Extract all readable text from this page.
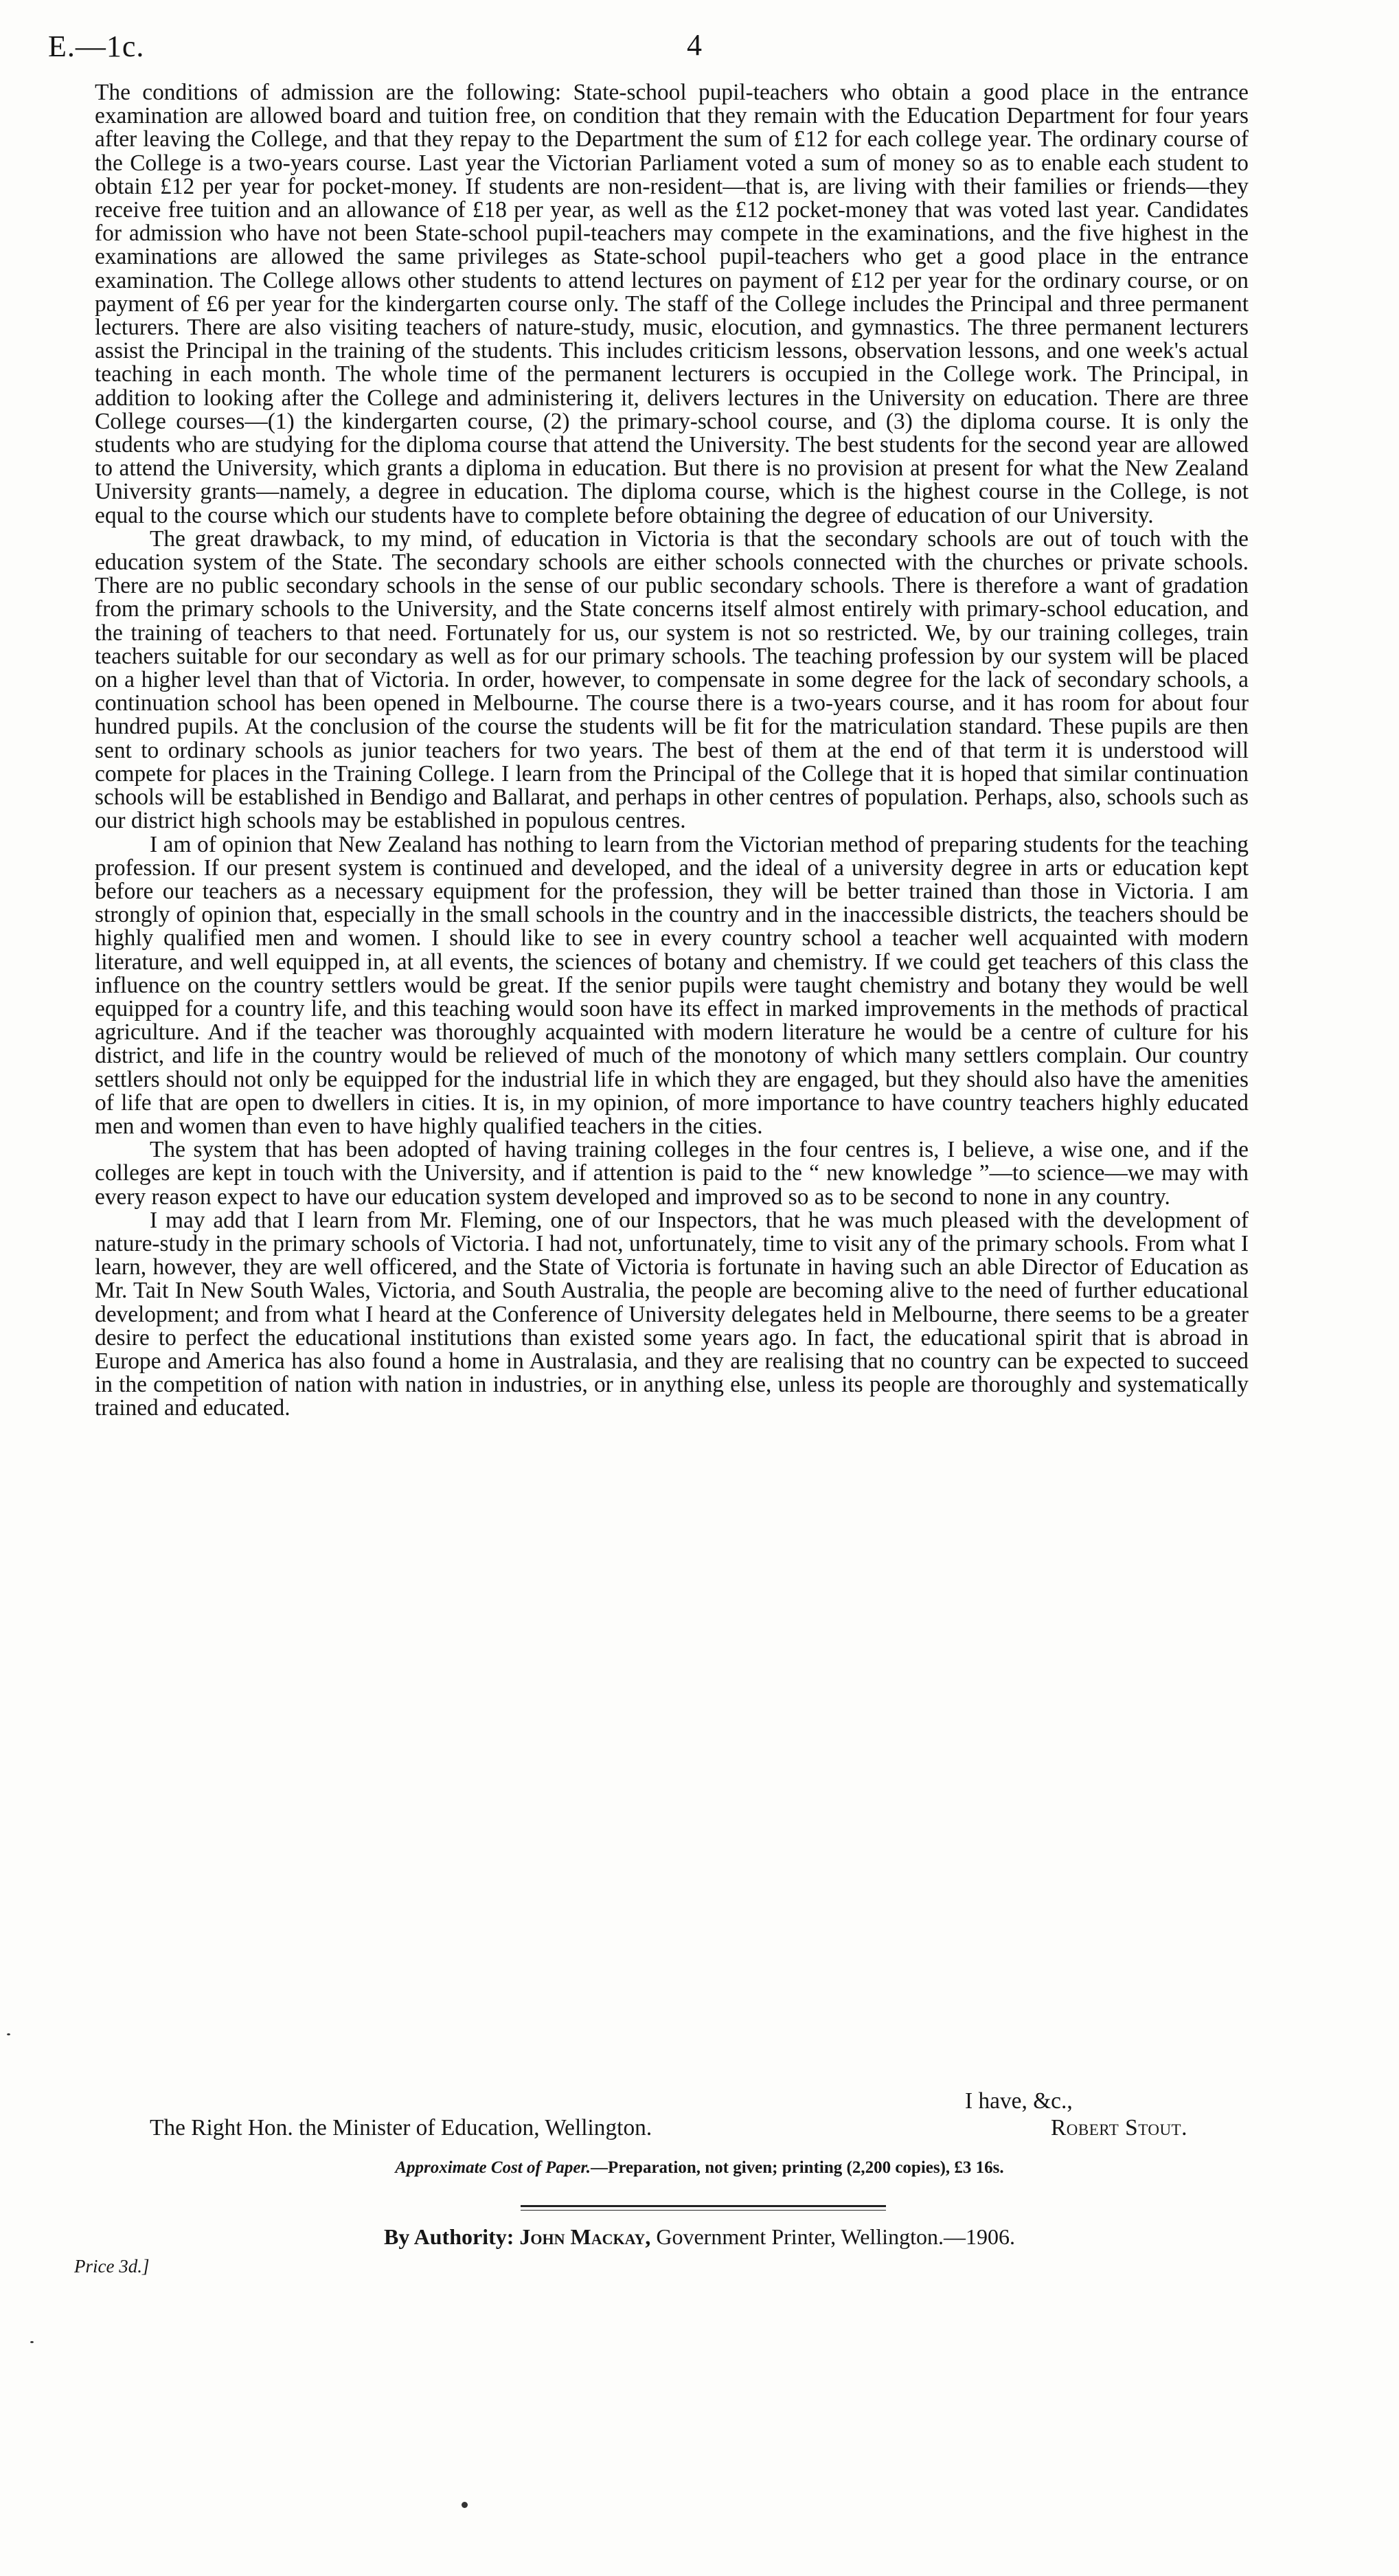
E.—1c.	4

The conditions of admission are the following: State-school pupil-teachers who obtain a good place in the entrance examination are allowed board and tuition free, on condition that they remain with the Education Department for four years after leaving the College, and that they repay to the Department the sum of £12 for each college year. The ordinary course of the College is a two-years course. Last year the Victorian Parliament voted a sum of money so as to enable each student to obtain £12 per year for pocket-money. If students are non-resident—that is, are living with their families or friends—they receive free tuition and an allowance of £18 per year, as well as the £12 pocket-money that was voted last year. Candidates for admission who have not been State-school pupil-teachers may compete in the examinations, and the five highest in the examinations are allowed the same privileges as State-school pupil-teachers who get a good place in the entrance examination. The College allows other students to attend lectures on payment of £12 per year for the ordinary course, or on payment of £6 per year for the kindergarten course only. The staff of the College includes the Principal and three permanent lecturers. There are also visiting teachers of nature-study, music, elocution, and gymnastics. The three permanent lecturers assist the Principal in the training of the students. This includes criticism lessons, observation lessons, and one week's actual teaching in each month. The whole time of the permanent lecturers is occupied in the College work. The Principal, in addition to looking after the College and administering it, delivers lectures in the University on education. There are three College courses—(1) the kindergarten course, (2) the primary-school course, and (3) the diploma course. It is only the students who are studying for the diploma course that attend the University. The best students for the second year are allowed to attend the University, which grants a diploma in education. But there is no provision at present for what the New Zealand University grants—namely, a degree in education. The diploma course, which is the highest course in the College, is not equal to the course which our students have to complete before obtaining the degree of education of our University.

The great drawback, to my mind, of education in Victoria is that the secondary schools are out of touch with the education system of the State. The secondary schools are either schools connected with the churches or private schools. There are no public secondary schools in the sense of our public secondary schools. There is therefore a want of gradation from the primary schools to the University, and the State concerns itself almost entirely with primary-school education, and the training of teachers to that need. Fortunately for us, our system is not so restricted. We, by our training colleges, train teachers suitable for our secondary as well as for our primary schools. The teaching profession by our system will be placed on a higher level than that of Victoria. In order, however, to compensate in some degree for the lack of secondary schools, a continuation school has been opened in Melbourne. The course there is a two-years course, and it has room for about four hundred pupils. At the conclusion of the course the students will be fit for the matriculation standard. These pupils are then sent to ordinary schools as junior teachers for two years. The best of them at the end of that term it is understood will compete for places in the Training College. I learn from the Principal of the College that it is hoped that similar continuation schools will be established in Bendigo and Ballarat, and perhaps in other centres of population. Perhaps, also, schools such as our district high schools may be established in populous centres.

I am of opinion that New Zealand has nothing to learn from the Victorian method of preparing students for the teaching profession. If our present system is continued and developed, and the ideal of a university degree in arts or education kept before our teachers as a necessary equipment for the profession, they will be better trained than those in Victoria. I am strongly of opinion that, especially in the small schools in the country and in the inaccessible districts, the teachers should be highly qualified men and women. I should like to see in every country school a teacher well acquainted with modern literature, and well equipped in, at all events, the sciences of botany and chemistry. If we could get teachers of this class the influence on the country settlers would be great. If the senior pupils were taught chemistry and botany they would be well equipped for a country life, and this teaching would soon have its effect in marked improvements in the methods of practical agriculture. And if the teacher was thoroughly acquainted with modern literature he would be a centre of culture for his district, and life in the country would be relieved of much of the monotony of which many settlers complain. Our country settlers should not only be equipped for the industrial life in which they are engaged, but they should also have the amenities of life that are open to dwellers in cities. It is, in my opinion, of more importance to have country teachers highly educated men and women than even to have highly qualified teachers in the cities.

The system that has been adopted of having training colleges in the four centres is, I believe, a wise one, and if the colleges are kept in touch with the University, and if attention is paid to the “ new knowledge ”—to science—we may with every reason expect to have our education system developed and improved so as to be second to none in any country.

I may add that I learn from Mr. Fleming, one of our Inspectors, that he was much pleased with the development of nature-study in the primary schools of Victoria. I had not, unfortunately, time to visit any of the primary schools. From what I learn, however, they are well officered, and the State of Victoria is fortunate in having such an able Director of Education as Mr. Tait In New South Wales, Victoria, and South Australia, the people are becoming alive to the need of further educational development; and from what I heard at the Conference of University delegates held in Melbourne, there seems to be a greater desire to perfect the educational institutions than existed some years ago. In fact, the educational spirit that is abroad in Europe and America has also found a home in Australasia, and they are realising that no country can be expected to succeed in the competition of nation with nation in industries, or in anything else, unless its people are thoroughly and systematically trained and educated.

I have, &c.,
The Right Hon. the Minister of Education, Wellington.	Robert Stout.
Approximate Cost of Paper.—Preparation, not given; printing (2,200 copies), £3 16s.
By Authority: John Mackay, Government Printer, Wellington.—1906.
Price 3d.]
